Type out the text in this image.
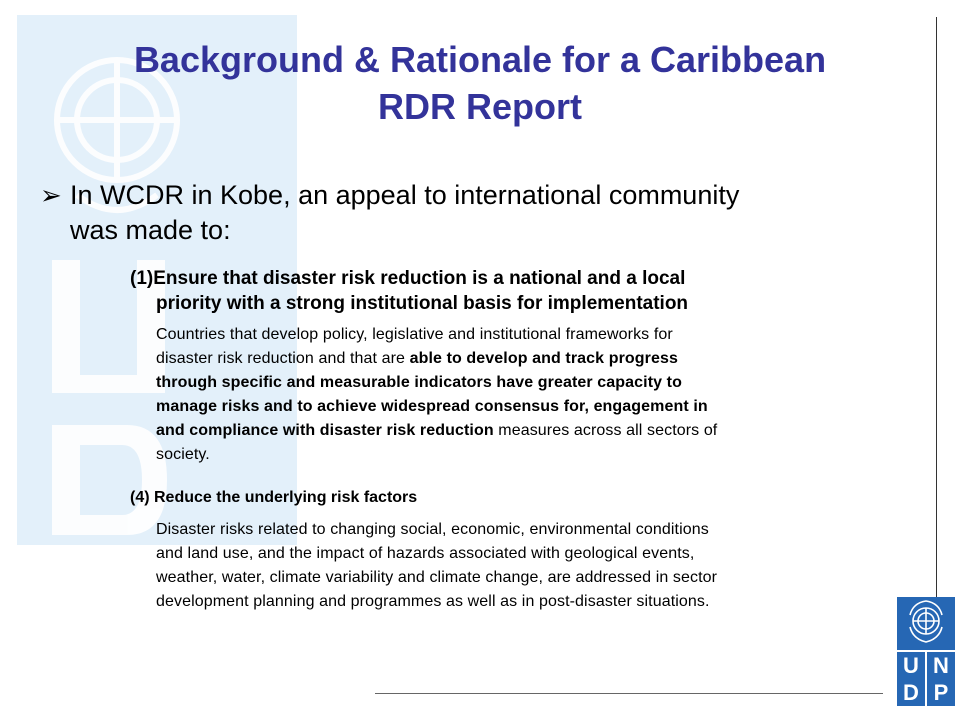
Background & Rationale for a Caribbean
RDR Report
➢ In WCDR in Kobe, an appeal to international community
was made to:
(1)Ensure that disaster risk reduction is a national and a local
priority with a strong institutional basis for implementation
Countries that develop policy, legislative and institutional frameworks for
disaster risk reduction and that are able to develop and track progress
through specific and measurable indicators have greater capacity to
manage risks and to achieve widespread consensus for, engagement in
and compliance with disaster risk reduction measures across all sectors of
society.
(4) Reduce the underlying risk factors
Disaster risks related to changing social, economic, environmental conditions
and land use, and the impact of hazards associated with geological events,
weather, water, climate variability and climate change, are addressed in sector
development planning and programmes as well as in post-disaster situations.
U N
D P
